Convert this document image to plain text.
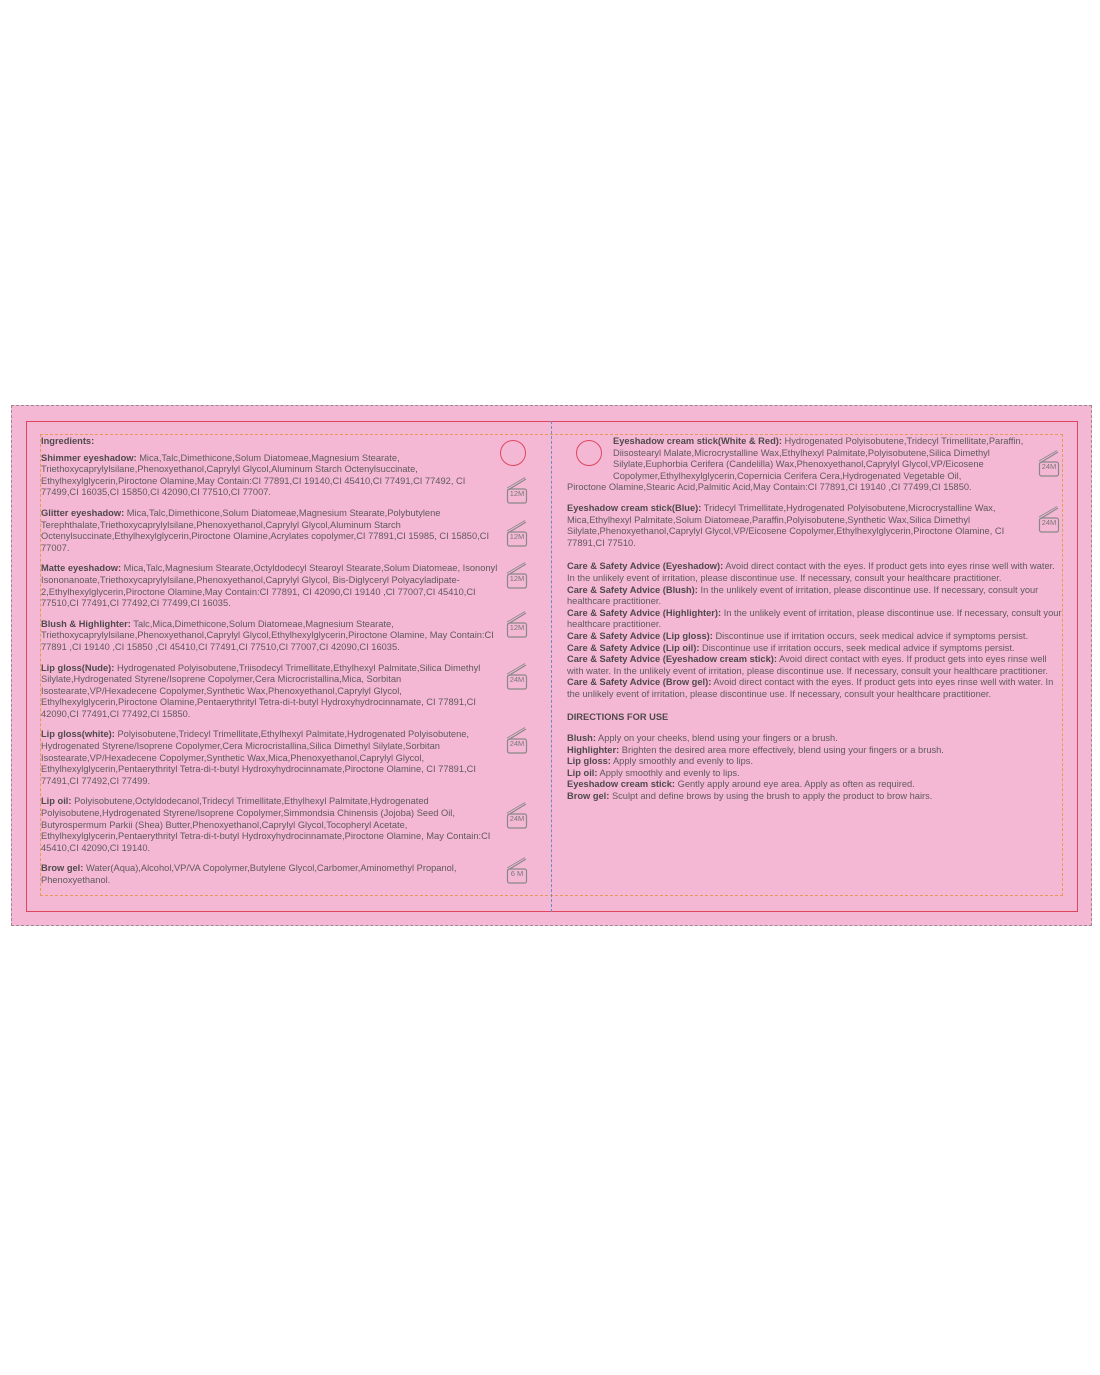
Ingredients:

Shimmer eyeshadow: Mica,Talc,Dimethicone,Solum Diatomeae,Magnesium Stearate, Triethoxycaprylylsilane,Phenoxyethanol,Caprylyl Glycol,Aluminum Starch Octenylsuccinate, Ethylhexylglycerin,Piroctone Olamine,May Contain:CI 77891,CI 19140,CI 45410,CI 77491,CI 77492, CI 77499,CI 16035,CI 15850,CI 42090,CI 77510,CI 77007.

Glitter eyeshadow: Mica,Talc,Dimethicone,Solum Diatomeae,Magnesium Stearate,Polybutylene Terephthalate,Triethoxycaprylylsilane,Phenoxyethanol,Caprylyl Glycol,Aluminum Starch Octenylsuccinate,Ethylhexylglycerin,Piroctone Olamine,Acrylates copolymer,CI 77891,CI 15985, CI 15850,CI 77007.

Matte eyeshadow: Mica,Talc,Magnesium Stearate,Octyldodecyl Stearoyl Stearate,Solum Diatomeae, Isononyl Isononanoate,Triethoxycaprylylsilane,Phenoxyethanol,Caprylyl Glycol, Bis-Diglyceryl Polyacyladipate-2,Ethylhexylglycerin,Piroctone Olamine,May Contain:CI 77891, CI 42090,CI 19140 ,CI 77007,CI 45410,CI 77510,CI 77491,CI 77492,CI 77499,CI 16035.

Blush & Highlighter: Talc,Mica,Dimethicone,Solum Diatomeae,Magnesium Stearate, Triethoxycaprylylsilane,Phenoxyethanol,Caprylyl Glycol,Ethylhexylglycerin,Piroctone Olamine, May Contain:CI 77891 ,CI 19140 ,CI 15850 ,CI 45410,CI 77491,CI 77510,CI 77007,CI 42090,CI 16035.

Lip gloss(Nude): Hydrogenated Polyisobutene,Triisodecyl Trimellitate,Ethylhexyl Palmitate,Silica Dimethyl Silylate,Hydrogenated Styrene/Isoprene Copolymer,Cera Microcristallina,Mica, Sorbitan Isostearate,VP/Hexadecene Copolymer,Synthetic Wax,Phenoxyethanol,Caprylyl Glycol, Ethylhexylglycerin,Piroctone Olamine,Pentaerythrityl Tetra-di-t-butyl Hydroxyhydrocinnamate, CI 77891,CI 42090,CI 77491,CI 77492,CI 15850.

Lip gloss(white): Polyisobutene,Tridecyl Trimellitate,Ethylhexyl Palmitate,Hydrogenated Polyisobutene, Hydrogenated Styrene/Isoprene Copolymer,Cera Microcristallina,Silica Dimethyl Silylate,Sorbitan Isostearate,VP/Hexadecene Copolymer,Synthetic Wax,Mica,Phenoxyethanol,Caprylyl Glycol, Ethylhexylglycerin,Pentaerythrityl Tetra-di-t-butyl Hydroxyhydrocinnamate,Piroctone Olamine, CI 77891,CI 77491,CI 77492,CI 77499.

Lip oil: Polyisobutene,Octyldodecanol,Tridecyl Trimellitate,Ethylhexyl Palmitate,Hydrogenated Polyisobutene,Hydrogenated Styrene/Isoprene Copolymer,Simmondsia Chinensis (Jojoba) Seed Oil, Butyrospermum Parkii (Shea) Butter,Phenoxyethanol,Caprylyl Glycol,Tocopheryl Acetate, Ethylhexylglycerin,Pentaerythrityl Tetra-di-t-butyl Hydroxyhydrocinnamate,Piroctone Olamine, May Contain:CI 45410,CI 42090,CI 19140.

Brow gel: Water(Aqua),Alcohol,VP/VA Copolymer,Butylene Glycol,Carbomer,Aminomethyl Propanol, Phenoxyethanol.

12M
12M
12M
12M
24M
24M
24M
6 M

Eyeshadow cream stick(White & Red): Hydrogenated Polyisobutene,Tridecyl Trimellitate,Paraffin, Diisostearyl Malate,Microcrystalline Wax,Ethylhexyl Palmitate,Polyisobutene,Silica Dimethyl Silylate,Euphorbia Cerifera (Candelilla) Wax,Phenoxyethanol,Caprylyl Glycol,VP/Eicosene Copolymer,Ethylhexylglycerin,Copernicia Cerifera Cera,Hydrogenated Vegetable Oil,

Piroctone Olamine,Stearic Acid,Palmitic Acid,May Contain:CI 77891,CI 19140 ,CI 77499,CI 15850.

Eyeshadow cream stick(Blue): Tridecyl Trimellitate,Hydrogenated Polyisobutene,Microcrystalline Wax, Mica,Ethylhexyl Palmitate,Solum Diatomeae,Paraffin,Polyisobutene,Synthetic Wax,Silica Dimethyl Silylate,Phenoxyethanol,Caprylyl Glycol,VP/Eicosene Copolymer,Ethylhexylglycerin,Piroctone Olamine, CI 77891,CI 77510.

Care & Safety Advice (Eyeshadow): Avoid direct contact with the eyes. If product gets into eyes rinse well with water. In the unlikely event of irritation, please discontinue use. If necessary, consult your healthcare practitioner.

Care & Safety Advice (Blush): In the unlikely event of irritation, please discontinue use. If necessary, consult your healthcare practitioner.

Care & Safety Advice (Highlighter): In the unlikely event of irritation, please discontinue use. If necessary, consult your healthcare practitioner.

Care & Safety Advice (Lip gloss): Discontinue use if irritation occurs, seek medical advice if symptoms persist.

Care & Safety Advice (Lip oil): Discontinue use if irritation occurs, seek medical advice if symptoms persist.

Care & Safety Advice (Eyeshadow cream stick): Avoid direct contact with eyes. If product gets into eyes rinse well with water. In the unlikely event of irritation, please discontinue use. If necessary, consult your healthcare practitioner.

Care & Safety Advice (Brow gel): Avoid direct contact with the eyes. If product gets into eyes rinse well with water. In the unlikely event of irritation, please discontinue use. If necessary, consult your healthcare practitioner.

DIRECTIONS FOR USE

Blush: Apply on your cheeks, blend using your fingers or a brush.

Highlighter: Brighten the desired area more effectively, blend using your fingers or a brush.

Lip gloss: Apply smoothly and evenly to lips.

Lip oil: Apply smoothly and evenly to lips.

Eyeshadow cream stick: Gently apply around eye area. Apply as often as required.

Brow gel: Sculpt and define brows by using the brush to apply the product to brow hairs.

24M
24M
